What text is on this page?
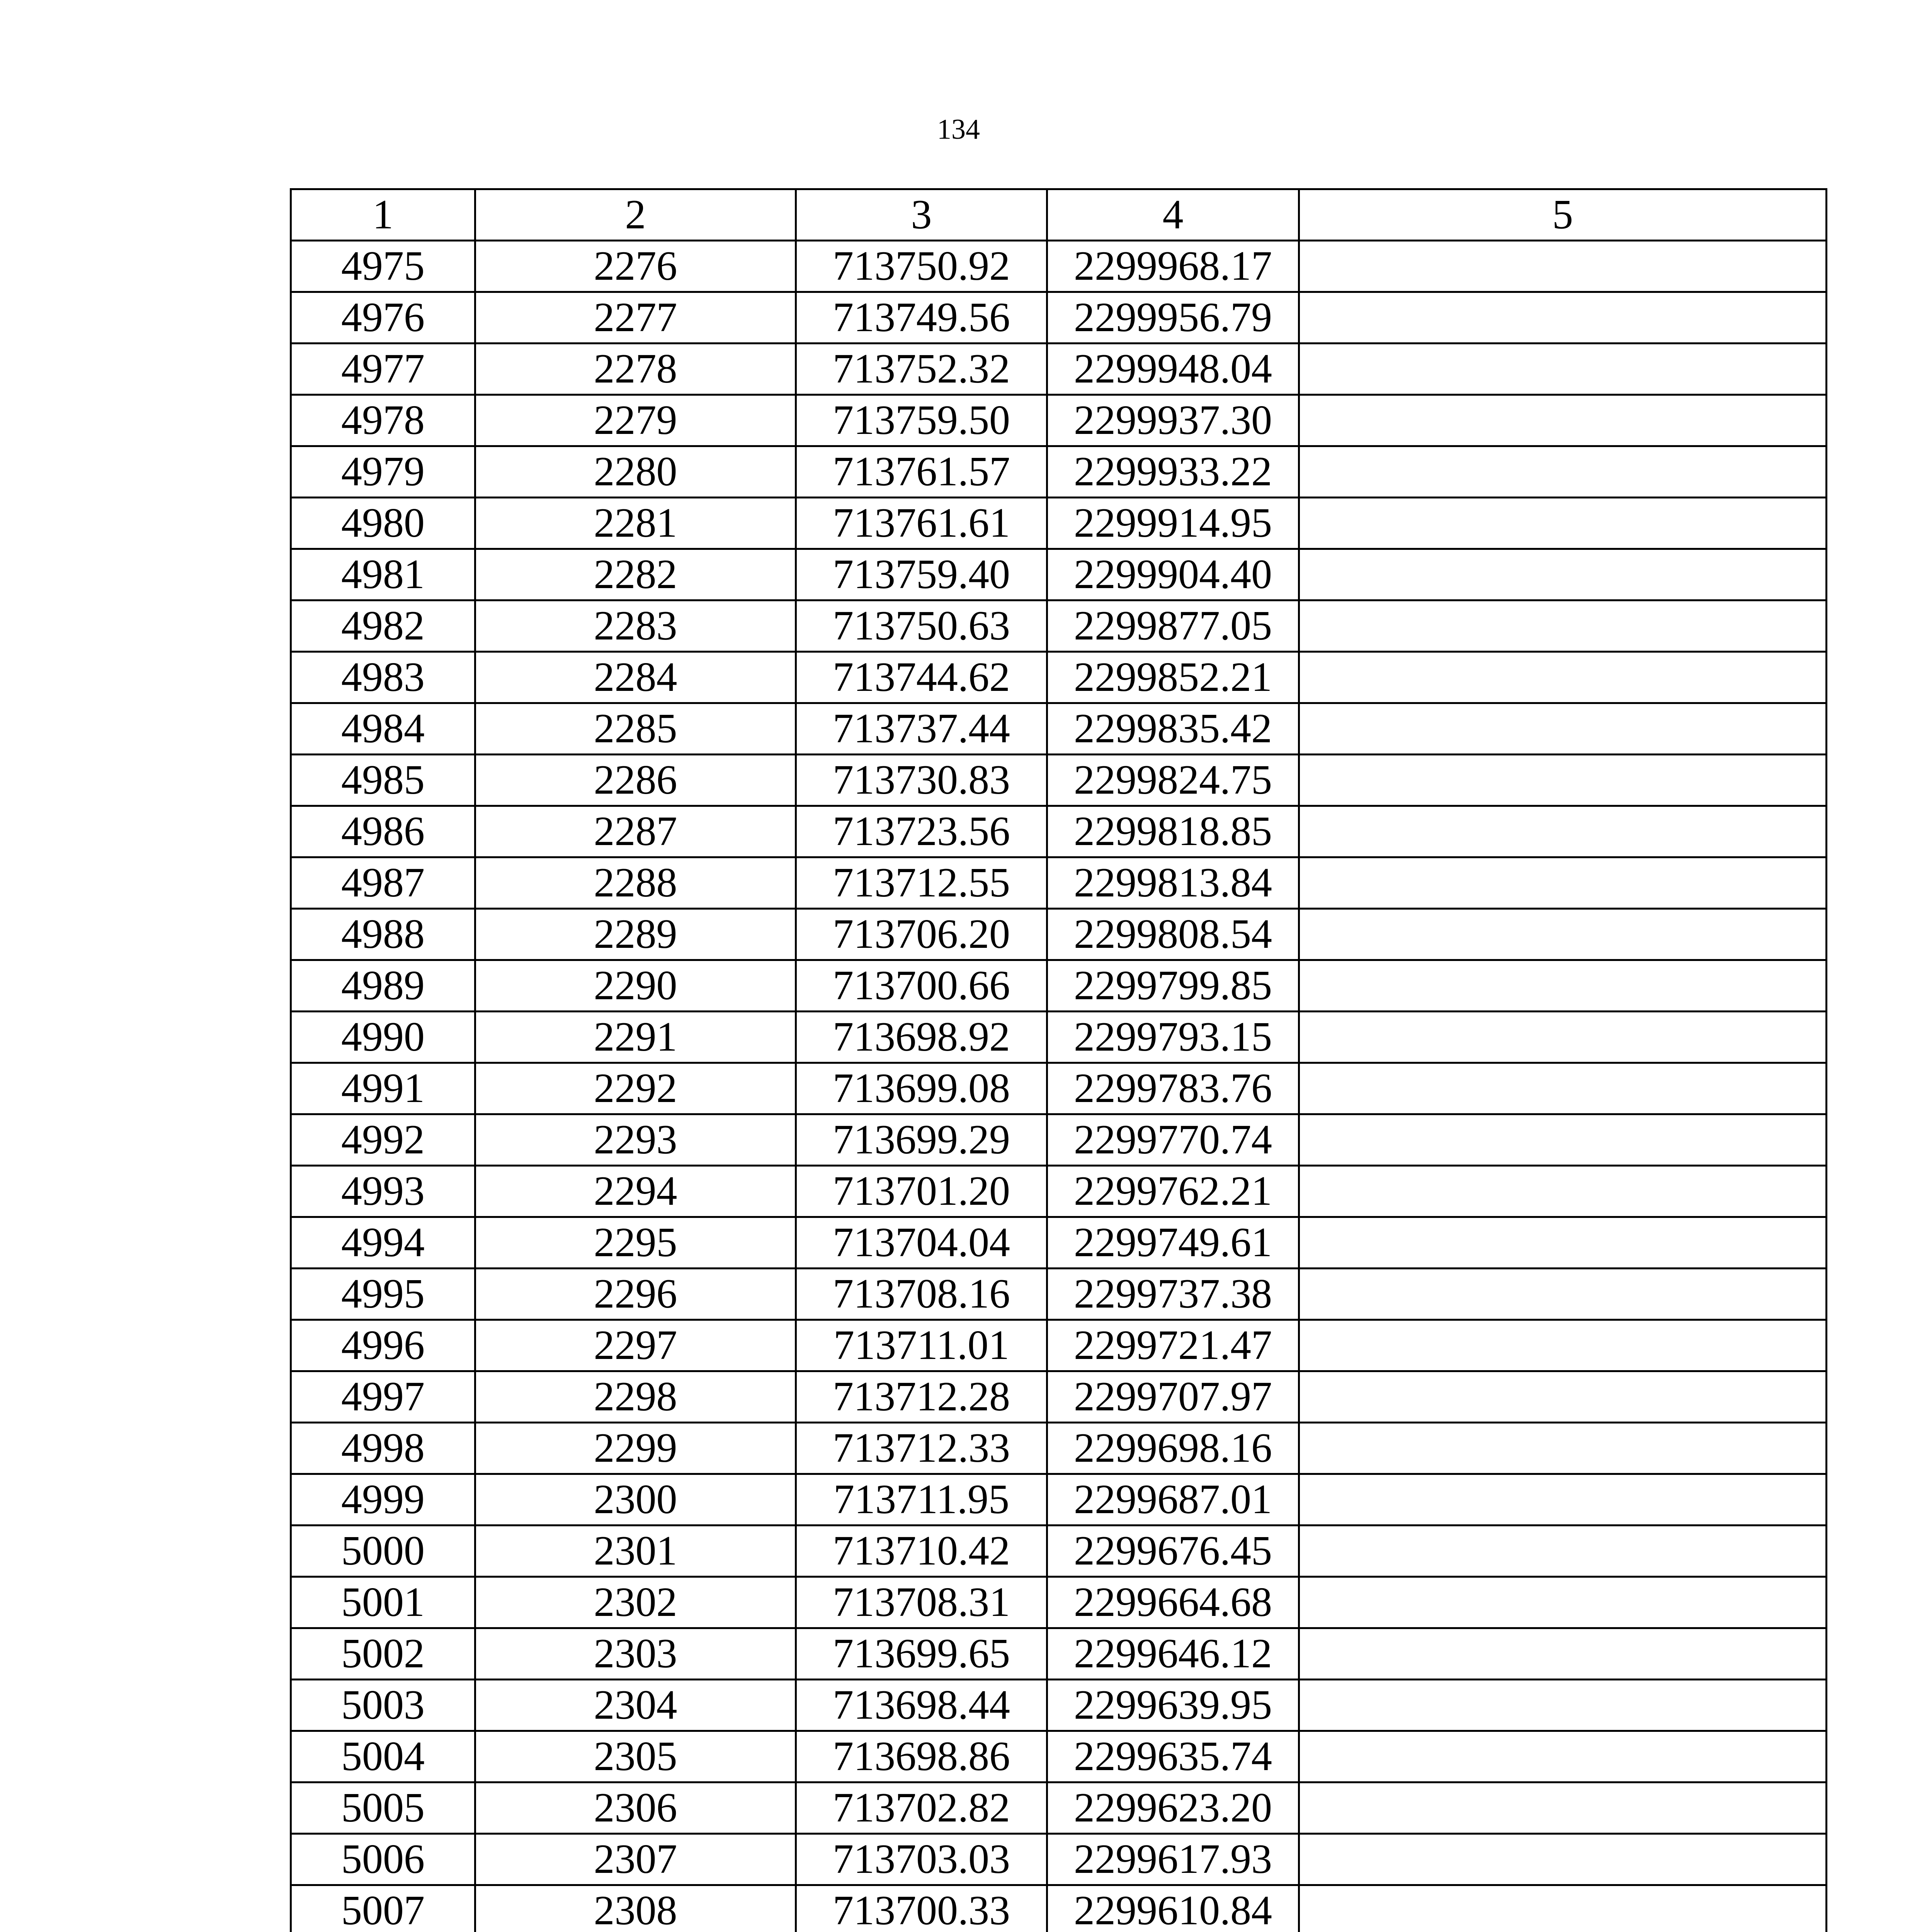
134
1	2	3	4	5
4975	2276	713750.92	2299968.17	
4976	2277	713749.56	2299956.79	
4977	2278	713752.32	2299948.04	
4978	2279	713759.50	2299937.30	
4979	2280	713761.57	2299933.22	
4980	2281	713761.61	2299914.95	
4981	2282	713759.40	2299904.40	
4982	2283	713750.63	2299877.05	
4983	2284	713744.62	2299852.21	
4984	2285	713737.44	2299835.42	
4985	2286	713730.83	2299824.75	
4986	2287	713723.56	2299818.85	
4987	2288	713712.55	2299813.84	
4988	2289	713706.20	2299808.54	
4989	2290	713700.66	2299799.85	
4990	2291	713698.92	2299793.15	
4991	2292	713699.08	2299783.76	
4992	2293	713699.29	2299770.74	
4993	2294	713701.20	2299762.21	
4994	2295	713704.04	2299749.61	
4995	2296	713708.16	2299737.38	
4996	2297	713711.01	2299721.47	
4997	2298	713712.28	2299707.97	
4998	2299	713712.33	2299698.16	
4999	2300	713711.95	2299687.01	
5000	2301	713710.42	2299676.45	
5001	2302	713708.31	2299664.68	
5002	2303	713699.65	2299646.12	
5003	2304	713698.44	2299639.95	
5004	2305	713698.86	2299635.74	
5005	2306	713702.82	2299623.20	
5006	2307	713703.03	2299617.93	
5007	2308	713700.33	2299610.84	
